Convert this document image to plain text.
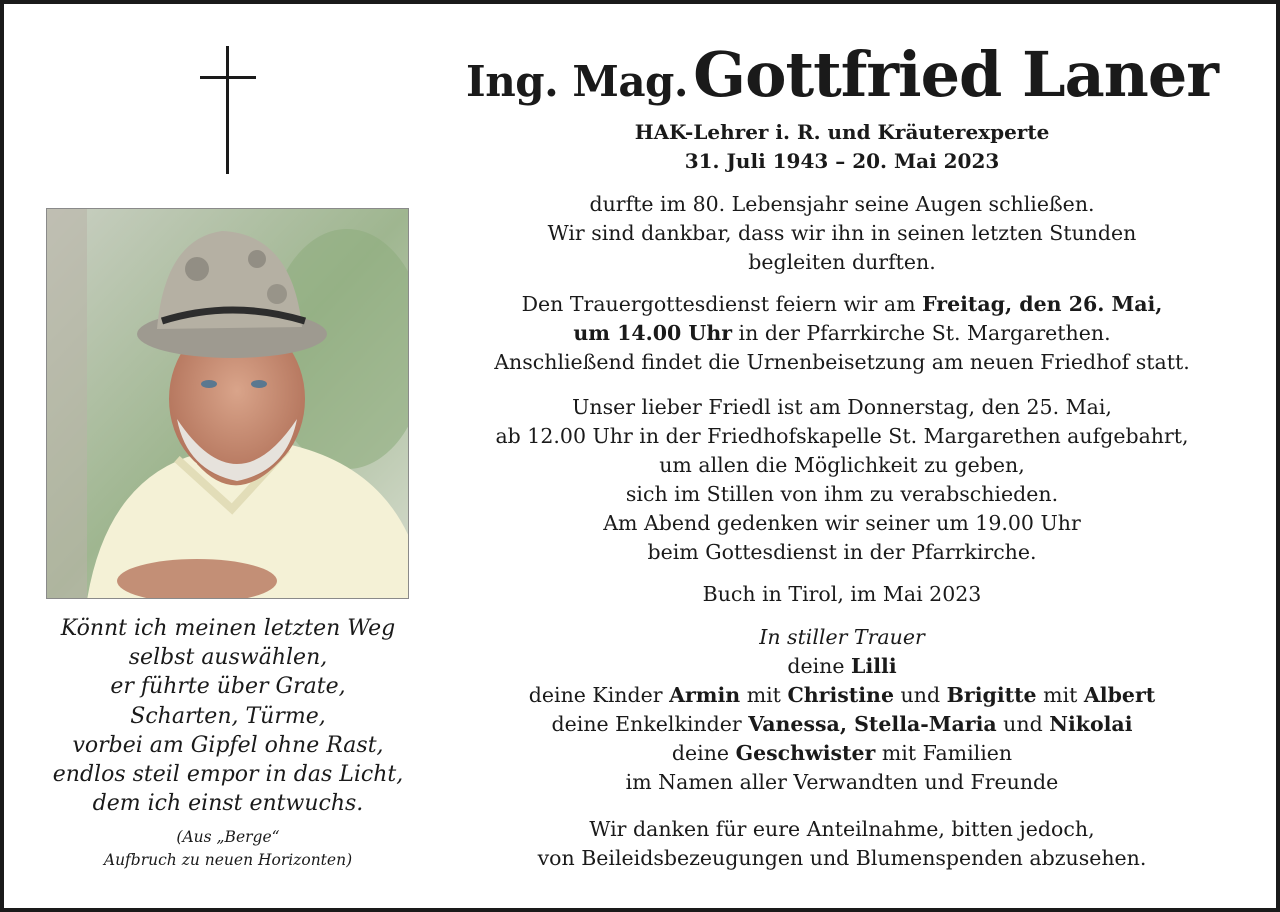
Könnt ich meinen letzten Weg
selbst auswählen,
er führte über Grate,
Scharten, Türme,
vorbei am Gipfel ohne Rast,
endlos steil empor in das Licht,
dem ich einst entwuchs.
(Aus „Berge“
Aufbruch zu neuen Horizonten)
Ing. Mag. Gottfried Laner
HAK-Lehrer i. R. und Kräuterexperte
31. Juli 1943 – 20. Mai 2023
durfte im 80. Lebensjahr seine Augen schließen.
Wir sind dankbar, dass wir ihn in seinen letzten Stunden
begleiten durften.
Den Trauergottesdienst feiern wir am Freitag, den 26. Mai,
um 14.00 Uhr in der Pfarrkirche St. Margarethen.
Anschließend findet die Urnenbeisetzung am neuen Friedhof statt.
Unser lieber Friedl ist am Donnerstag, den 25. Mai,
ab 12.00 Uhr in der Friedhofskapelle St. Margarethen aufgebahrt,
um allen die Möglichkeit zu geben,
sich im Stillen von ihm zu verabschieden.
Am Abend gedenken wir seiner um 19.00 Uhr
beim Gottesdienst in der Pfarrkirche.
Buch in Tirol, im Mai 2023
In stiller Trauer
deine Lilli
deine Kinder Armin mit Christine und Brigitte mit Albert
deine Enkelkinder Vanessa, Stella-Maria und Nikolai
deine Geschwister mit Familien
im Namen aller Verwandten und Freunde
Wir danken für eure Anteilnahme, bitten jedoch,
von Beileidsbezeugungen und Blumenspenden abzusehen.
